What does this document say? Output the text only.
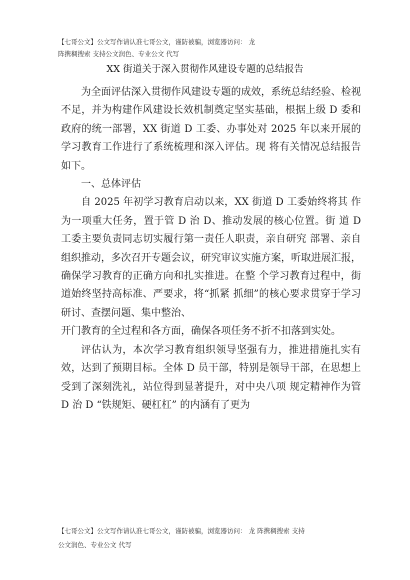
【七哥公文】公文写作请认准七哥公文，谨防被骗，浏览器访问： 龙
阵携稠搜索 支持公文润色、专业公文 代写
XX 街道关于深入贯彻作风建设专题的总结报告

为全面评估深入贯彻作风建设专题的成效，系统总结经验、检视不足，并为构建作风建设长效机制奠定坚实基础，根据上级 D 委和政府的统一部署，XX 街道 D 工委、办事处对 2025 年以来开展的学习教育工作进行了系统梳理和深入评估。现 将有关情况总结报告如下。

一、总体评估

自 2025 年初学习教育启动以来，XX 街道 D 工委始终将其 作为一项重大任务，置于管 D 治 D、推动发展的核心位置。街 道 D 工委主要负责同志切实履行第一责任人职责，亲自研究 部署、亲自组织推动，多次召开专题会议，研究审议实施方案，听取进展汇报，确保学习教育的正确方向和扎实推进。在整 个学习教育过程中，街道始终坚持高标准、严要求，将“抓紧 抓细”的核心要求贯穿于学习研讨、查摆问题、集中整治、

开门教育的全过程和各方面，确保各项任务不折不扣落到实处。

评估认为，本次学习教育组织领导坚强有力，推进措施扎实有效，达到了预期目标。全体 D 员干部，特别是领导干部，在思想上受到了深刻洗礼，站位得到显著提升，对中央八项 规定精神作为管 D 治 D “铁规矩、硬杠杠” 的内涵有了更为

【七哥公文】公文写作请认准七哥公文，谨防被骗，浏览器访问： 龙 阵携稠搜索 支持
公文润色、专业公文 代写
